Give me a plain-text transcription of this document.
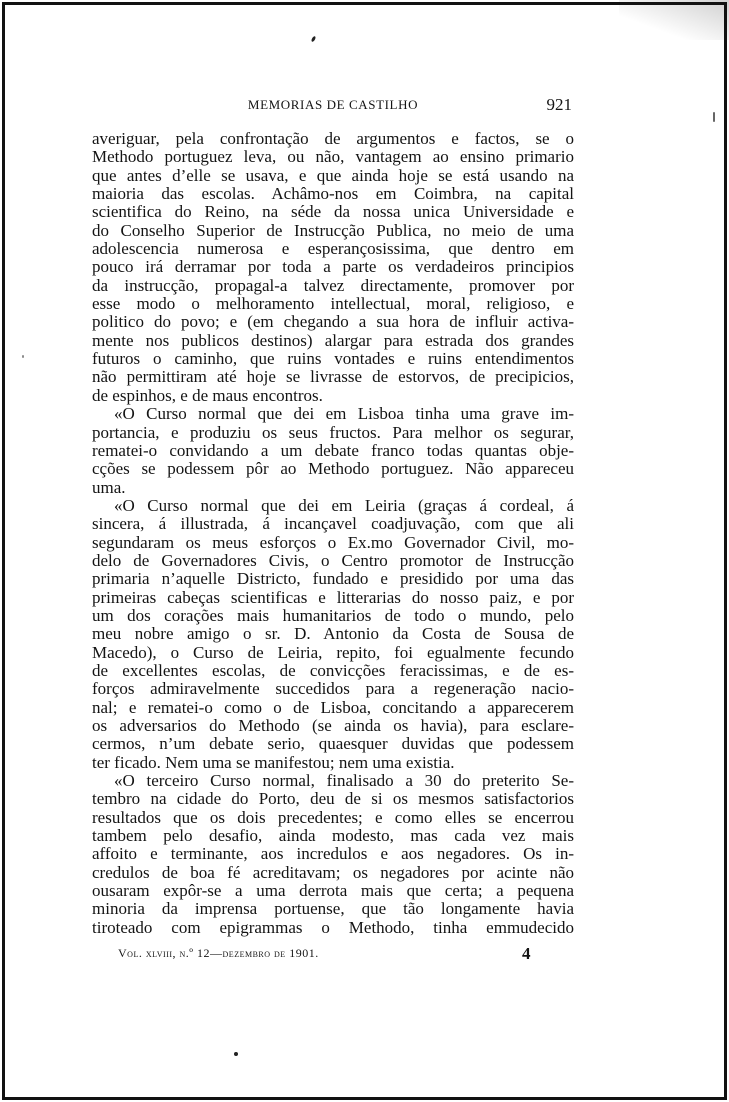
MEMORIAS DE CASTILHO	921
averiguar, pela confrontação de argumentos e factos, se o
Methodo portuguez leva, ou não, vantagem ao ensino primario
que antes d’elle se usava, e que ainda hoje se está usando na
maioria das escolas. Achâmo-nos em Coimbra, na capital
scientifica do Reino, na séde da nossa unica Universidade e
do Conselho Superior de Instrucção Publica, no meio de uma
adolescencia numerosa e esperançosissima, que dentro em
pouco irá derramar por toda a parte os verdadeiros principios
da instrucção, propagal-a talvez directamente, promover por
esse modo o melhoramento intellectual, moral, religioso, e
politico do povo; e (em chegando a sua hora de influir activa-
mente nos publicos destinos) alargar para estrada dos grandes
futuros o caminho, que ruins vontades e ruins entendimentos
não permittiram até hoje se livrasse de estorvos, de precipicios,
de espinhos, e de maus encontros.
«O Curso normal que dei em Lisboa tinha uma grave im-
portancia, e produziu os seus fructos. Para melhor os segurar,
rematei-o convidando a um debate franco todas quantas obje-
cções se podessem pôr ao Methodo portuguez. Não appareceu
uma.
«O Curso normal que dei em Leiria (graças á cordeal, á
sincera, á illustrada, á incançavel coadjuvação, com que ali
segundaram os meus esforços o Ex.mo Governador Civil, mo-
delo de Governadores Civis, o Centro promotor de Instrucção
primaria n’aquelle Districto, fundado e presidido por uma das
primeiras cabeças scientificas e litterarias do nosso paiz, e por
um dos corações mais humanitarios de todo o mundo, pelo
meu nobre amigo o sr. D. Antonio da Costa de Sousa de
Macedo), o Curso de Leiria, repito, foi egualmente fecundo
de excellentes escolas, de convicções feracissimas, e de es-
forços admiravelmente succedidos para a regeneração nacio-
nal; e rematei-o como o de Lisboa, concitando a apparecerem
os adversarios do Methodo (se ainda os havia), para esclare-
cermos, n’um debate serio, quaesquer duvidas que podessem
ter ficado. Nem uma se manifestou; nem uma existia.
«O terceiro Curso normal, finalisado a 30 do preterito Se-
tembro na cidade do Porto, deu de si os mesmos satisfactorios
resultados que os dois precedentes; e como elles se encerrou
tambem pelo desafio, ainda modesto, mas cada vez mais
affoito e terminante, aos incredulos e aos negadores. Os in-
credulos de boa fé acreditavam; os negadores por acinte não
ousaram expôr-se a uma derrota mais que certa; a pequena
minoria da imprensa portuense, que tão longamente havia
tiroteado com epigrammas o Methodo, tinha emmudecido
Vol. xlviii, n.º 12—dezembro de 1901.	4
